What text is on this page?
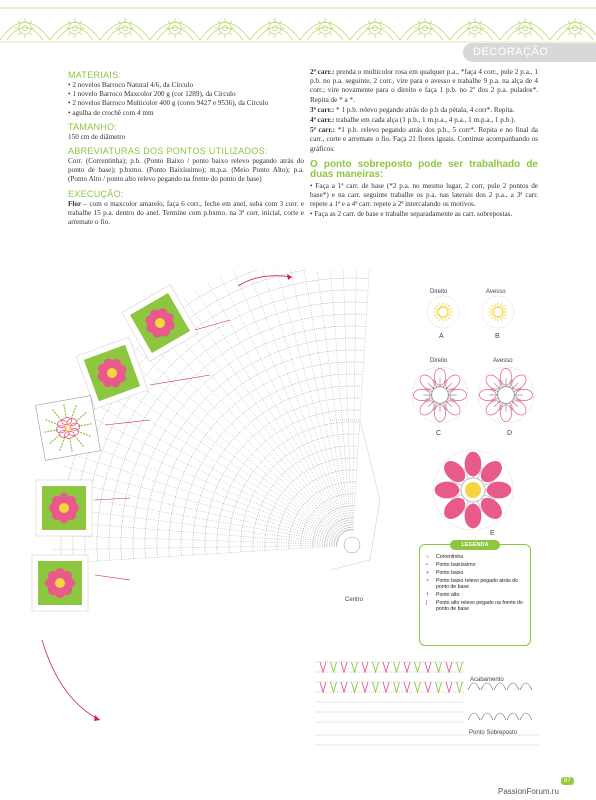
DECORAÇÃO
MATERIAIS:

• 2 novelos Barroco Natural 4/6, da Círculo

• 1 novelo Barroco Maxcolor 200 g (cor 1289), da Círculo

• 2 novelos Barroco Multicolor 400 g (cores 9427 e 9536), da Círculo

• agulha de crochê com 4 mm

TAMANHO:

150 cm de diâmetro

ABREVIATURAS DOS PONTOS UTILIZADOS:

Corr. (Correntinha); p.b. (Ponto Baixo / ponto baixo relevo pegando atrás do ponto de base); p.bxmo. (Ponto Baixíssimo); m.p.a. (Meio Ponto Alto); p.a. (Ponto Alto / ponto alto relevo pegando na frente do ponto de base)

EXECUÇÃO:

Flor – com o maxcolor amarelo, faça 6 corr., feche em anel, suba com 3 corr. e trabalhe 15 p.a. dentro do anel. Termine com p.bxmo. na 3ª corr. inicial, corte e arremate o fio.

2ª carr.: prenda o multicolor rosa em qualquer p.a., *faça 4 corr., pule 2 p.a., 1 p.b. no p.a. seguinte, 2 corr., vire para o avesso e trabalhe 9 p.a. na alça de 4 corr.; vire novamente para o direito e faça 1 p.b. no 2º dos 2 p.a. pulados*. Repita de * a *.

3ª carr.: * 1 p.b. relevo pegando atrás do p.b da pétala, 4 corr*. Repita.

4ª carr.: trabalhe em cada alça (1 p.b., 1 m.p.a., 4 p.a., 1 m.p.a., 1 p.b.).

5ª carr.: *1 p.b. relevo pegando atrás dos p.b., 5 corr*. Repita e no final da carr., corte e arremate o fio. Faça 21 flores iguais. Continue acompanhando os gráficos.

O ponto sobreposto pode ser trabalhado de duas maneiras:

• Faça a 1ª carr. de base (*2 p.a. no mesmo lugar, 2 corr, pule 2 pontos de base*) e na carr. seguinte trabalhe os p.a. nas laterais dos 2 p.a., a 3ª carr. repete a 1ª e a 4ª carr. repete a 2ª intercalando os motivos.

• Faça as 2 carr. de base e trabalhe separadamente as carr. sobrepostas.

Direito	Avesso
A	B
Direito	Avesso
C	D
E
Centro
Acabamento
Ponto Sobreposto
LEGENDA
○	Correntinha
•	Ponto baixíssimo
+	Ponto baixo
×	Ponto baixo relevo pegado atrás do ponto de base
†	Ponto alto
ʃ	Ponto alto relevo pegado na frente do ponto de base
87
PassionForum.ru
